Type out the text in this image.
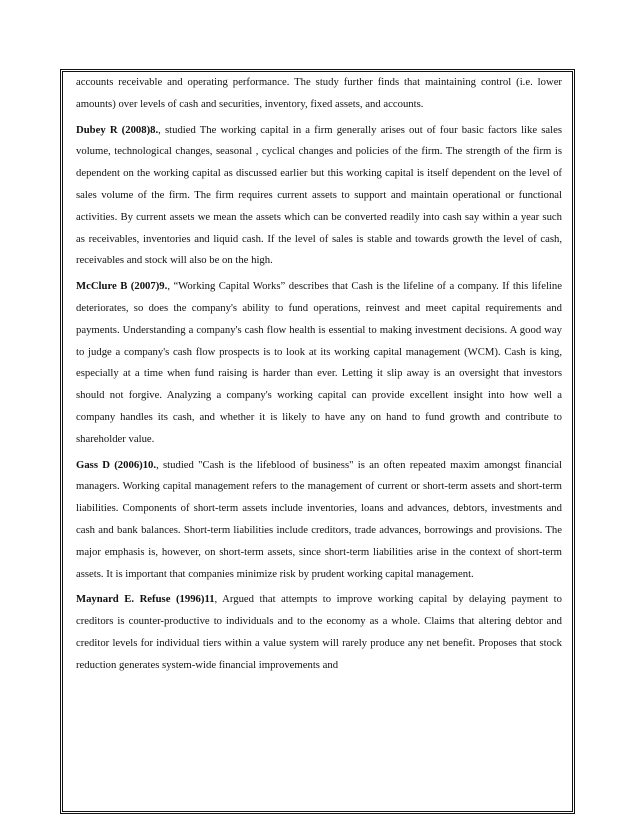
accounts receivable and operating performance. The study further finds that maintaining control (i.e. lower amounts) over levels of cash and securities, inventory, fixed assets, and accounts.

Dubey R (2008)8., studied The working capital in a firm generally arises out of four basic factors like sales volume, technological changes, seasonal , cyclical changes and policies of the firm. The strength of the firm is dependent on the working capital as discussed earlier but this working capital is itself dependent on the level of sales volume of the firm. The firm requires current assets to support and maintain operational or functional activities. By current assets we mean the assets which can be converted readily into cash say within a year such as receivables, inventories and liquid cash. If the level of sales is stable and towards growth the level of cash, receivables and stock will also be on the high.

McClure B (2007)9., “Working Capital Works” describes that Cash is the lifeline of a company. If this lifeline deteriorates, so does the company's ability to fund operations, reinvest and meet capital requirements and payments. Understanding a company's cash flow health is essential to making investment decisions. A good way to judge a company's cash flow prospects is to look at its working capital management (WCM). Cash is king, especially at a time when fund raising is harder than ever. Letting it slip away is an oversight that investors should not forgive. Analyzing a company's working capital can provide excellent insight into how well a company handles its cash, and whether it is likely to have any on hand to fund growth and contribute to shareholder value.

Gass D (2006)10., studied "Cash is the lifeblood of business" is an often repeated maxim amongst financial managers. Working capital management refers to the management of current or short-term assets and short-term liabilities. Components of short-term assets include inventories, loans and advances, debtors, investments and cash and bank balances. Short-term liabilities include creditors, trade advances, borrowings and provisions. The major emphasis is, however, on short-term assets, since short-term liabilities arise in the context of short-term assets. It is important that companies minimize risk by prudent working capital management.

Maynard E. Refuse (1996)11, Argued that attempts to improve working capital by delaying payment to creditors is counter-productive to individuals and to the economy as a whole. Claims that altering debtor and creditor levels for individual tiers within a value system will rarely produce any net benefit. Proposes that stock reduction generates system-wide financial improvements and
